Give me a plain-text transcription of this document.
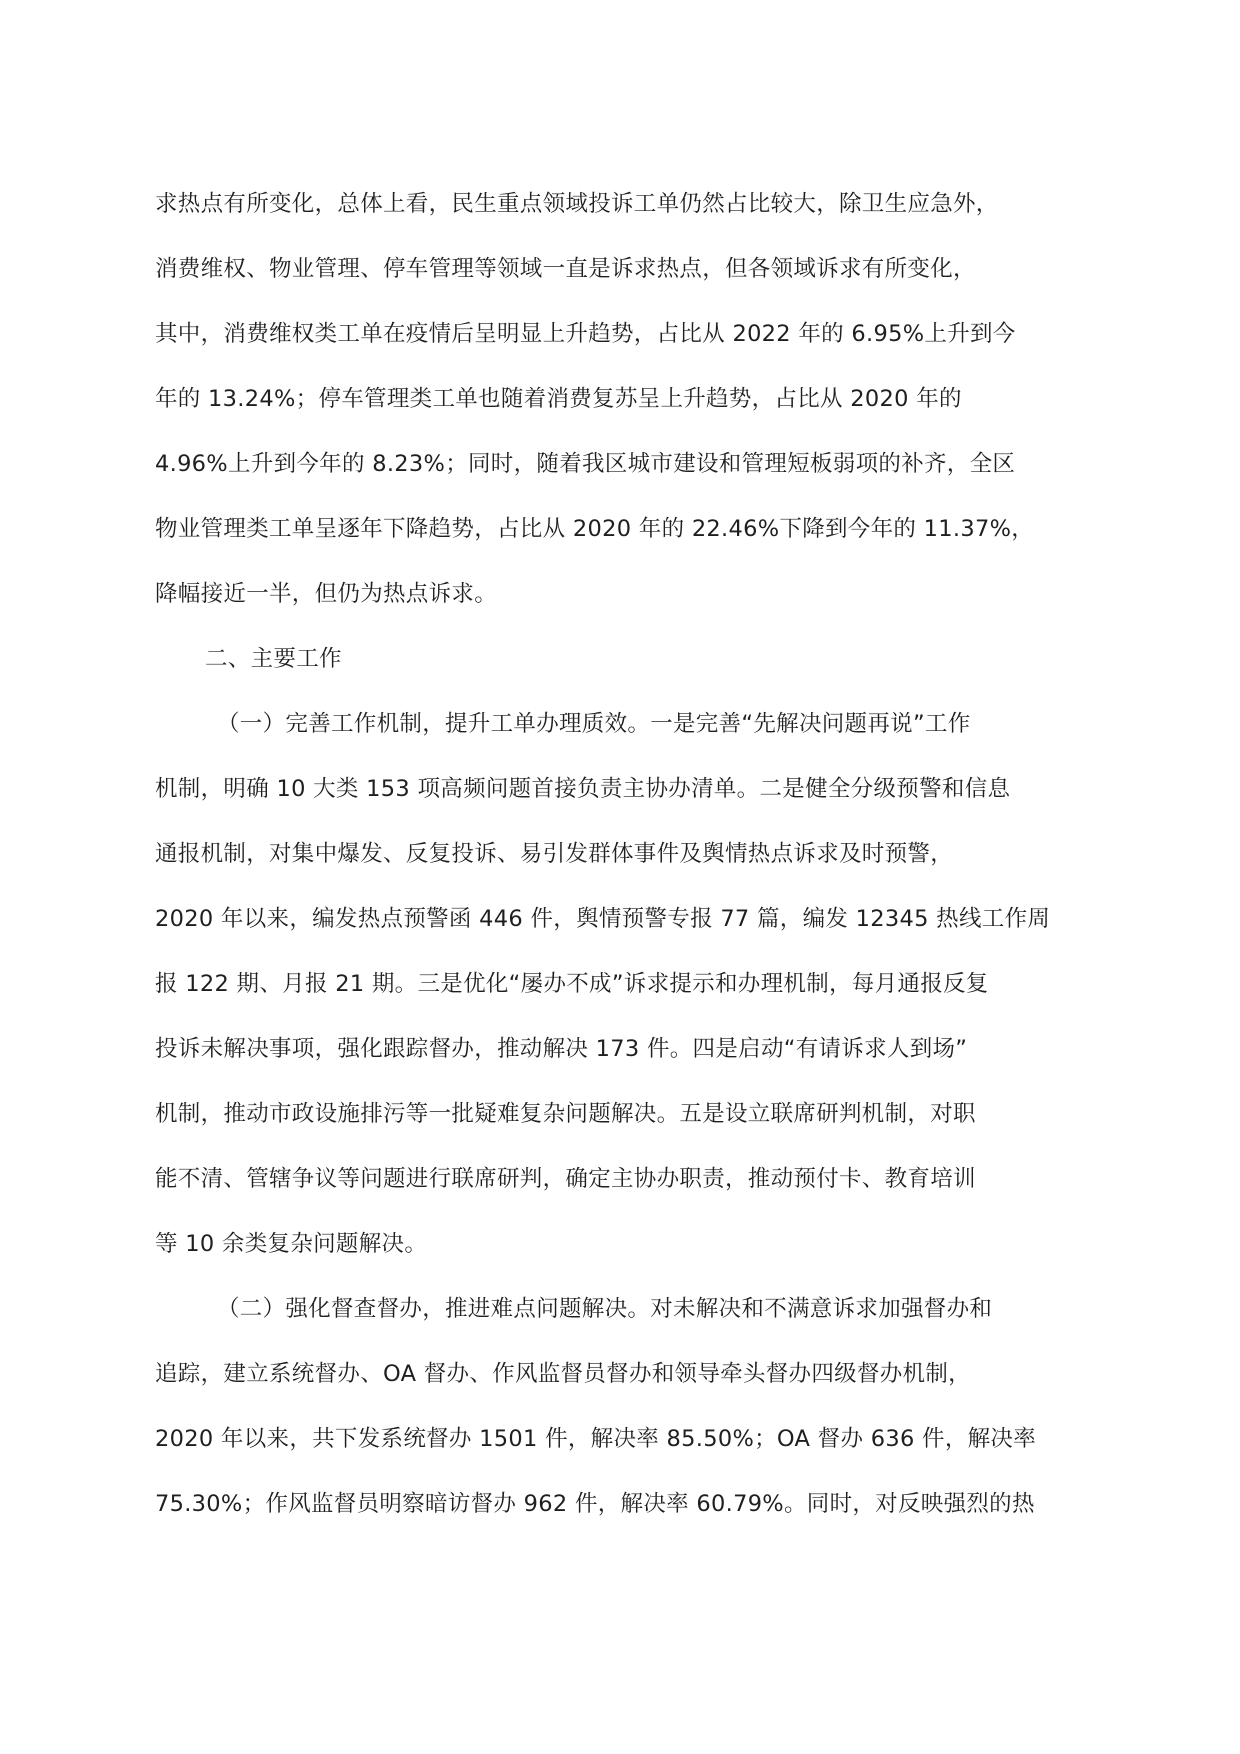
求热点有所变化，总体上看，民生重点领域投诉工单仍然占比较大，除卫生应急外，
消费维权、物业管理、停车管理等领域一直是诉求热点，但各领域诉求有所变化，
其中，消费维权类工单在疫情后呈明显上升趋势，占比从 2022 年的 6.95%上升到今
年的 13.24%；停车管理类工单也随着消费复苏呈上升趋势，占比从 2020 年的
4.96%上升到今年的 8.23%；同时，随着我区城市建设和管理短板弱项的补齐，全区
物业管理类工单呈逐年下降趋势，占比从 2020 年的 22.46%下降到今年的 11.37%，
降幅接近一半，但仍为热点诉求。
二、主要工作
（一）完善工作机制，提升工单办理质效。一是完善“先解决问题再说”工作
机制，明确 10 大类 153 项高频问题首接负责主协办清单。二是健全分级预警和信息
通报机制，对集中爆发、反复投诉、易引发群体事件及舆情热点诉求及时预警，
2020 年以来，编发热点预警函 446 件，舆情预警专报 77 篇，编发 12345 热线工作周
报 122 期、月报 21 期。三是优化“屡办不成”诉求提示和办理机制，每月通报反复
投诉未解决事项，强化跟踪督办，推动解决 173 件。四是启动“有请诉求人到场”
机制，推动市政设施排污等一批疑难复杂问题解决。五是设立联席研判机制，对职
能不清、管辖争议等问题进行联席研判，确定主协办职责，推动预付卡、教育培训
等 10 余类复杂问题解决。
（二）强化督查督办，推进难点问题解决。对未解决和不满意诉求加强督办和
追踪，建立系统督办、OA 督办、作风监督员督办和领导牵头督办四级督办机制，
2020 年以来，共下发系统督办 1501 件，解决率 85.50%；OA 督办 636 件，解决率
75.30%；作风监督员明察暗访督办 962 件，解决率 60.79%。同时，对反映强烈的热
